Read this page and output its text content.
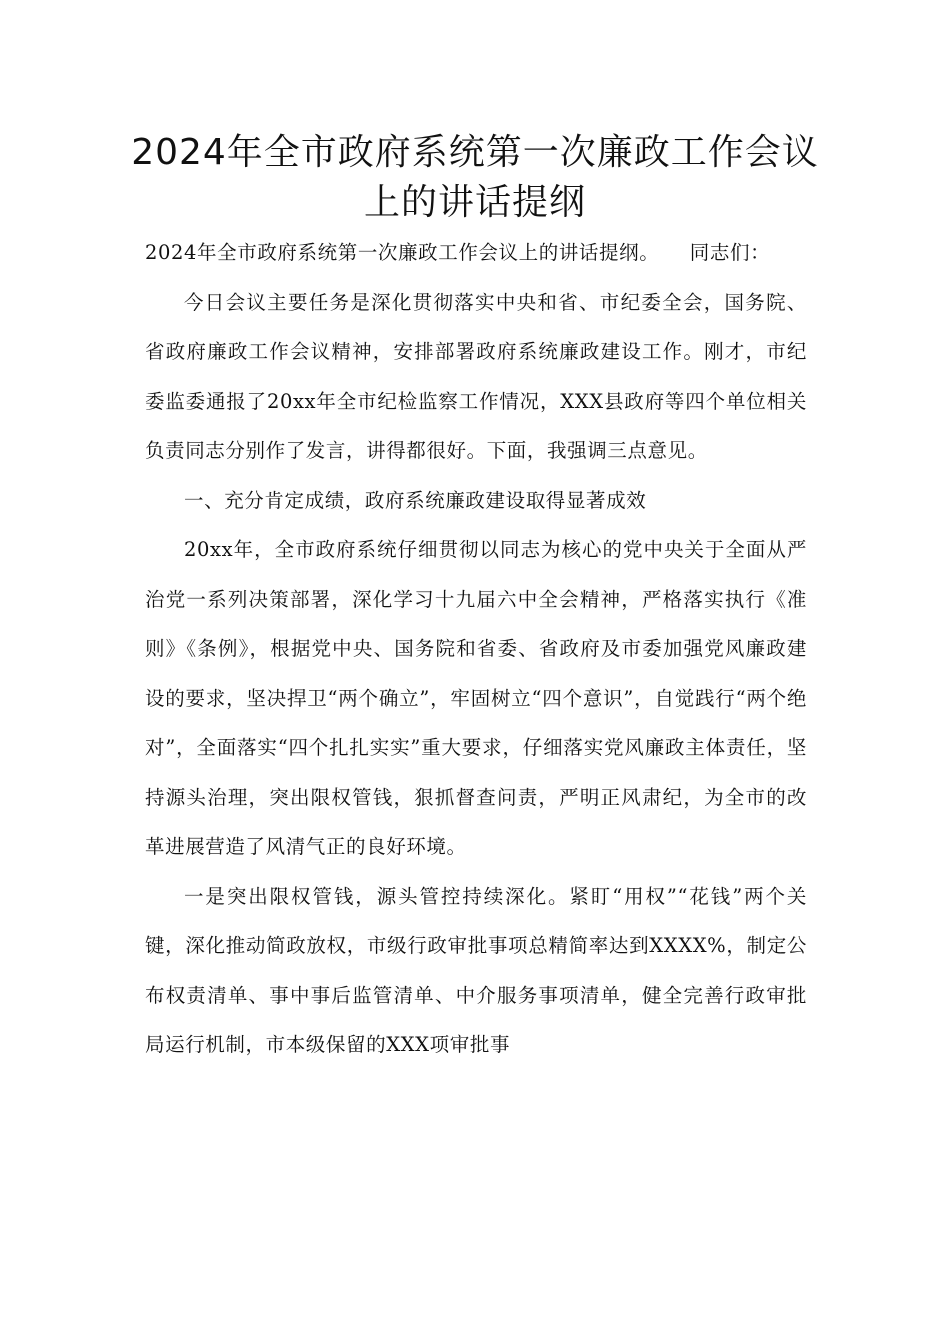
2024年全市政府系统第一次廉政工作会议上的讲话提纲

2024年全市政府系统第一次廉政工作会议上的讲话提纲。　　同志们：

今日会议主要任务是深化贯彻落实中央和省、市纪委全会，国务院、省政府廉政工作会议精神，安排部署政府系统廉政建设工作。刚才，市纪委监委通报了20xx年全市纪检监察工作情况，XXX县政府等四个单位相关负责同志分别作了发言，讲得都很好。下面，我强调三点意见。

一、充分肯定成绩，政府系统廉政建设取得显著成效

20xx年，全市政府系统仔细贯彻以同志为核心的党中央关于全面从严治党一系列决策部署，深化学习十九届六中全会精神，严格落实执行《准则》《条例》，根据党中央、国务院和省委、省政府及市委加强党风廉政建设的要求，坚决捍卫“两个确立”，牢固树立“四个意识”，自觉践行“两个绝对”，全面落实“四个扎扎实实”重大要求，仔细落实党风廉政主体责任，坚持源头治理，突出限权管钱，狠抓督查问责，严明正风肃纪，为全市的改革进展营造了风清气正的良好环境。

一是突出限权管钱，源头管控持续深化。紧盯“用权”“花钱”两个关键，深化推动简政放权，市级行政审批事项总精简率达到XXXX%，制定公布权责清单、事中事后监管清单、中介服务事项清单，健全完善行政审批局运行机制，市本级保留的XXX项审批事
